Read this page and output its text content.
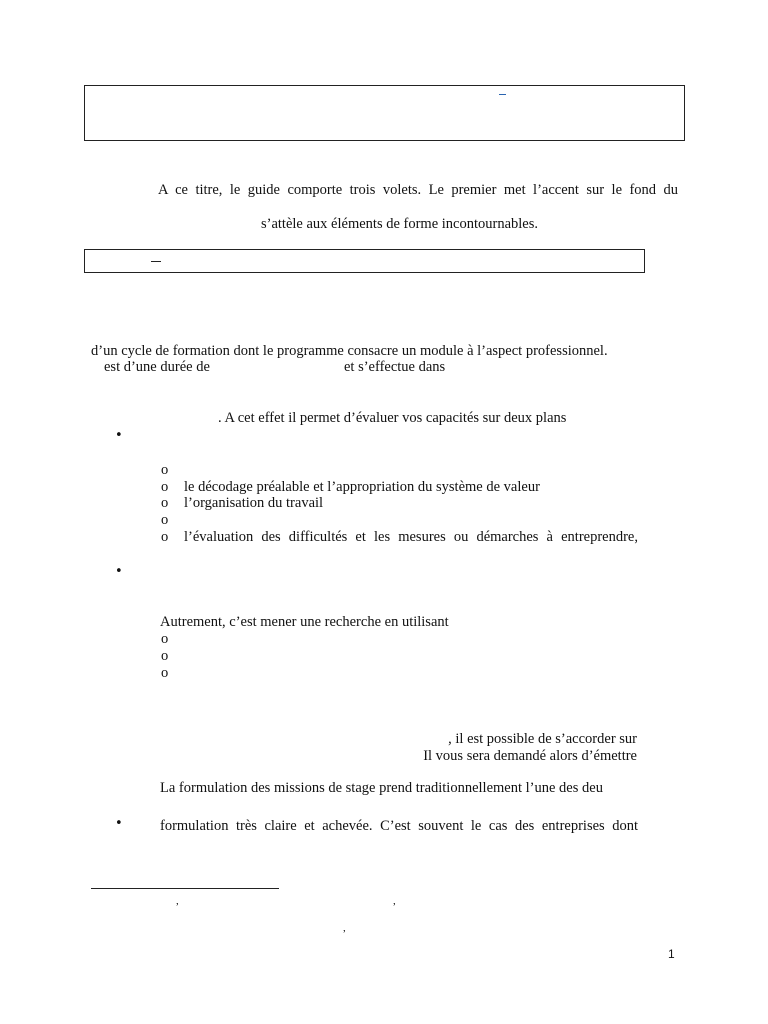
A ce titre, le guide comporte trois volets. Le premier met l’accent sur le fond du
s’attèle aux éléments de forme incontournables.
d’un cycle de formation dont le programme consacre un module à l’aspect professionnel.
est d’une durée de	et s’effectue dans
. A cet effet il permet d’évaluer vos capacités sur deux plans
•
o
o le décodage préalable et l’appropriation du système de valeur
o l’organisation du travail
o
o l’évaluation des difficultés et les mesures ou démarches à entreprendre,
•
Autrement, c’est mener une recherche en utilisant
o
o
o
, il est possible de s’accorder sur
Il vous sera demandé alors d’émettre
La formulation des missions de stage prend traditionnellement l’une des deu
•	formulation très claire et achevée. C’est souvent le cas des entreprises dont
,	,
,
1
